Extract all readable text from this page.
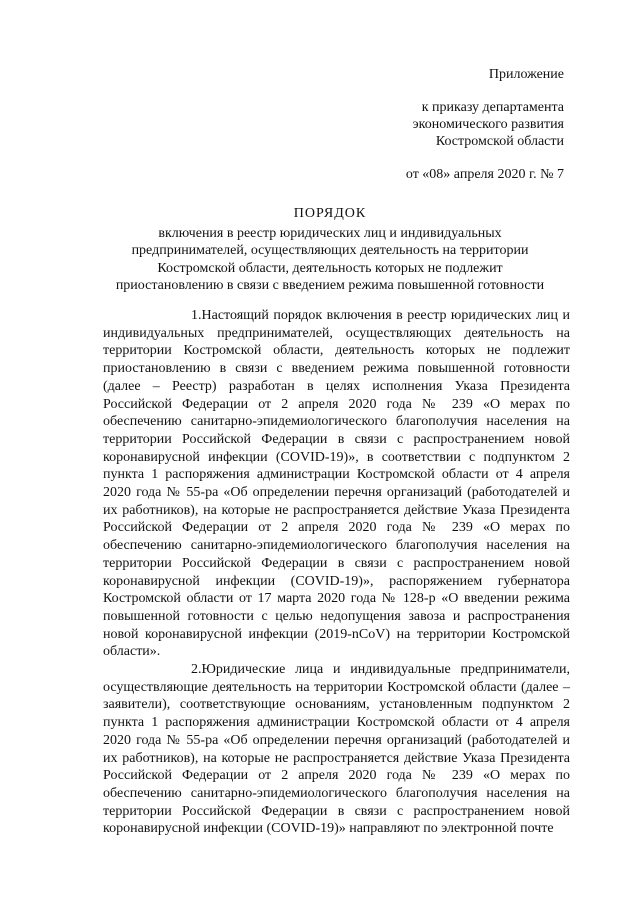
Приложение
к приказу департамента
экономического развития
Костромской области
от «08» апреля 2020 г. № 7
ПОРЯДОК
включения в реестр юридических лиц и индивидуальных
предпринимателей, осуществляющих деятельность на территории
Костромской области, деятельность которых не подлежит
приостановлению в связи с введением режима повышенной готовности

1.Настоящий порядок включения в реестр юридических лиц и индивидуальных предпринимателей, осуществляющих деятельность на территории Костромской области, деятельность которых не подлежит приостановлению в связи с введением режима повышенной готовности (далее – Реестр) разработан в целях исполнения Указа Президента Российской Федерации от 2 апреля 2020 года № 239 «О мерах по обеспечению санитарно-эпидемиологического благополучия населения на территории Российской Федерации в связи с распространением новой коронавирусной инфекции (COVID-19)», в соответствии с подпунктом 2 пункта 1 распоряжения администрации Костромской области от 4 апреля 2020 года № 55-ра «Об определении перечня организаций (работодателей и их работников), на которые не распространяется действие Указа Президента Российской Федерации от 2 апреля 2020 года № 239 «О мерах по обеспечению санитарно-эпидемиологического благополучия населения на территории Российской Федерации в связи с распространением новой коронавирусной инфекции (COVID-19)», распоряжением губернатора Костромской области от 17 марта 2020 года № 128-р «О введении режима повышенной готовности с целью недопущения завоза и распространения новой коронавирусной инфекции (2019-nCoV) на территории Костромской области».

2.Юридические лица и индивидуальные предприниматели, осуществляющие деятельность на территории Костромской области (далее – заявители), соответствующие основаниям, установленным подпунктом 2 пункта 1 распоряжения администрации Костромской области от 4 апреля 2020 года № 55-ра «Об определении перечня организаций (работодателей и их работников), на которые не распространяется действие Указа Президента Российской Федерации от 2 апреля 2020 года № 239 «О мерах по обеспечению санитарно-эпидемиологического благополучия населения на территории Российской Федерации в связи с распространением новой коронавирусной инфекции (COVID-19)» направляют по электронной почте
